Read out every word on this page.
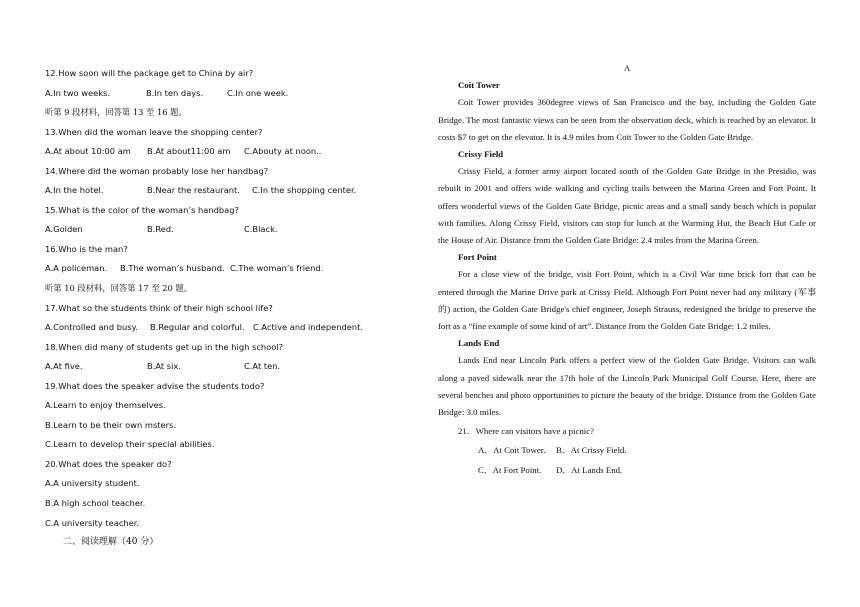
12.How soon will the package get to China by air?
A.In two weeks.	B.In ten days.	C.In one week.
听第 9 段材料，回答第 13 至 16 题。
13.When did the woman leave the shopping center?
A.At about 10:00 am B.At about11:00 am C.Abouty at noon..
14.Where did the woman probably lose her handbag?
A.In the hotel.	B.Near the restaurant. C.In the shopping center.
15.What is the color of the woman’s handbag?
A.Golden	B.Red.	C.Black.
16.Who is the man?
A.A policeman. B.The woman’s husband. C.The woman’s friend.
听第 10 段材料，回答第 17 至 20 题。
17.What so the students think of their high school life?
A.Controlled and busy. B.Regular and colorful. C.Active and independent.
18.When did many of students get up in the high school?
A.At five.	B.At six.	C.At ten.
19.What does the speaker advise the students todo?
A.Learn to enjoy themselves.
B.Learn to be their own msters.
C.Learn to develop their special abilities.
20.What does the speaker do?
A.A university student.
B.A high school teacher.
C.A university teacher.
二、阅读理解（40 分）

A

Coit Tower

Coit Tower provides 360degree views of San Francisco and the bay, including the Golden Gate Bridge. The most fantastic views can be seen from the observation deck, which is reached by an elevator. It costs $7 to get on the elevator. It is 4.9 miles from Coit Tower to the Golden Gate Bridge.

Crissy Field

Crissy Field, a former army airport located south of the Golden Gate Bridge in the Presidio, was rebuilt in 2001 and offers wide walking and cycling trails between the Marina Green and Fort Point. It offers wonderful views of the Golden Gate Bridge, picnic areas and a small sandy beach which is popular with families. Along Crissy Field, visitors can stop for lunch at the Warming Hut, the Beach Hut Cafe or the House of Air. Distance from the Golden Gate Bridge: 2.4 miles from the Marina Green.

Fort Point

For a close view of the bridge, visit Fort Point, which is a Civil War time brick fort that can be entered through the Marine Drive park at Crissy Field. Although Fort Point never had any military (军事的) action, the Golden Gate Bridge's chief engineer, Joseph Strauss, redesigned the bridge to preserve the fort as a “fine example of some kind of art”. Distance from the Golden Gate Bridge: 1.2 miles.

Lands End

Lands End near Lincoln Park offers a perfect view of the Golden Gate Bridge. Visitors can walk along a paved sidewalk near the 17th hole of the Lincoln Park Municipal Golf Course. Here, there are several benches and photo opportunities to picture the beauty of the bridge. Distance from the Golden Gate Bridge: 3.0 miles.

21．Where can visitors have a picnic?

A．At Coit Tower. B．At Crissy Field.

C．At Fort Point. D．At Lands End.
